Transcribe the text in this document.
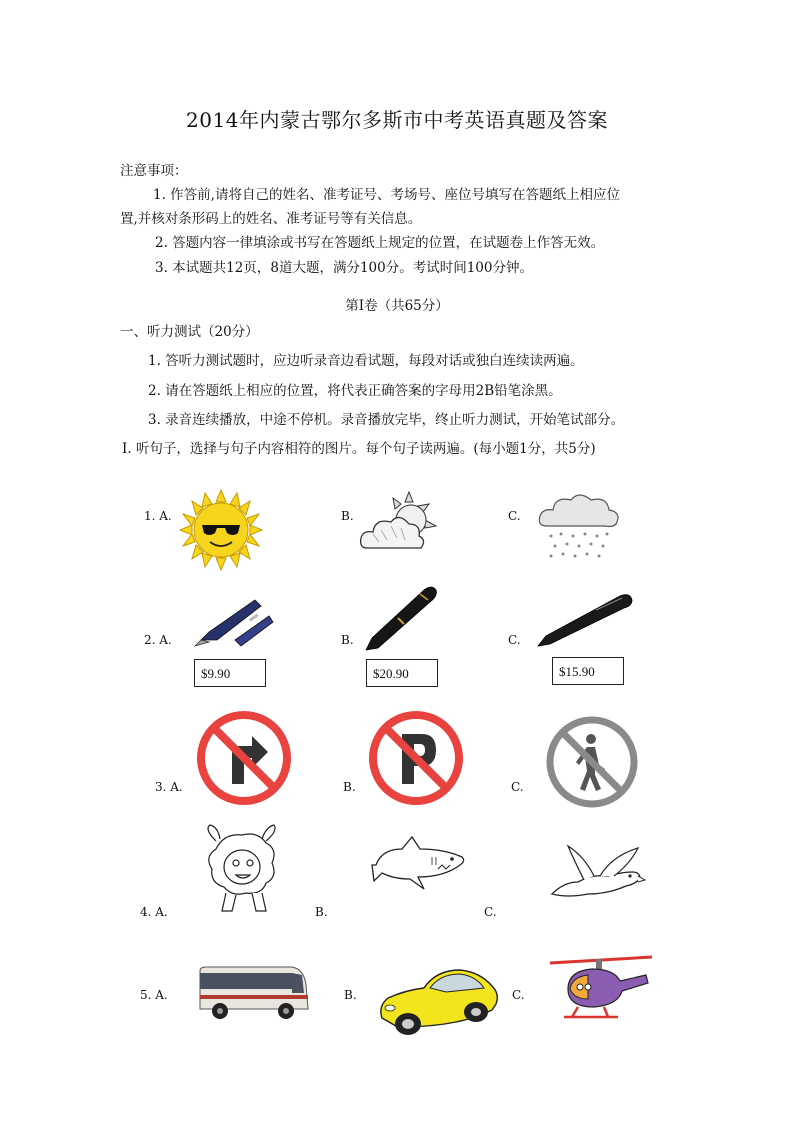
2014年内蒙古鄂尔多斯市中考英语真题及答案
注意事项：
1. 作答前,请将自己的姓名、准考证号、考场号、座位号填写在答题纸上相应位
置,并核对条形码上的姓名、准考证号等有关信息。
2. 答题内容一律填涂或书写在答题纸上规定的位置，在试题卷上作答无效。
3. 本试题共12页，8道大题，满分100分。考试时间100分钟。
第Ⅰ卷（共65分）
一、听力测试（20分）
1. 答听力测试题时，应边听录音边看试题，每段对话或独白连续读两遍。
2. 请在答题纸上相应的位置，将代表正确答案的字母用2B铅笔涂黑。
3. 录音连续播放，中途不停机。录音播放完毕，终止听力测试，开始笔试部分。
Ⅰ. 听句子，选择与句子内容相符的图片。每个句子读两遍。(每小题1分，共5分)
1. A.	B.	C.
2. A.	B.	C.
$9.90	$20.90	$15.90
3. A.	B.	C.
4. A.	B.	C.
5. A.	B.	C.
